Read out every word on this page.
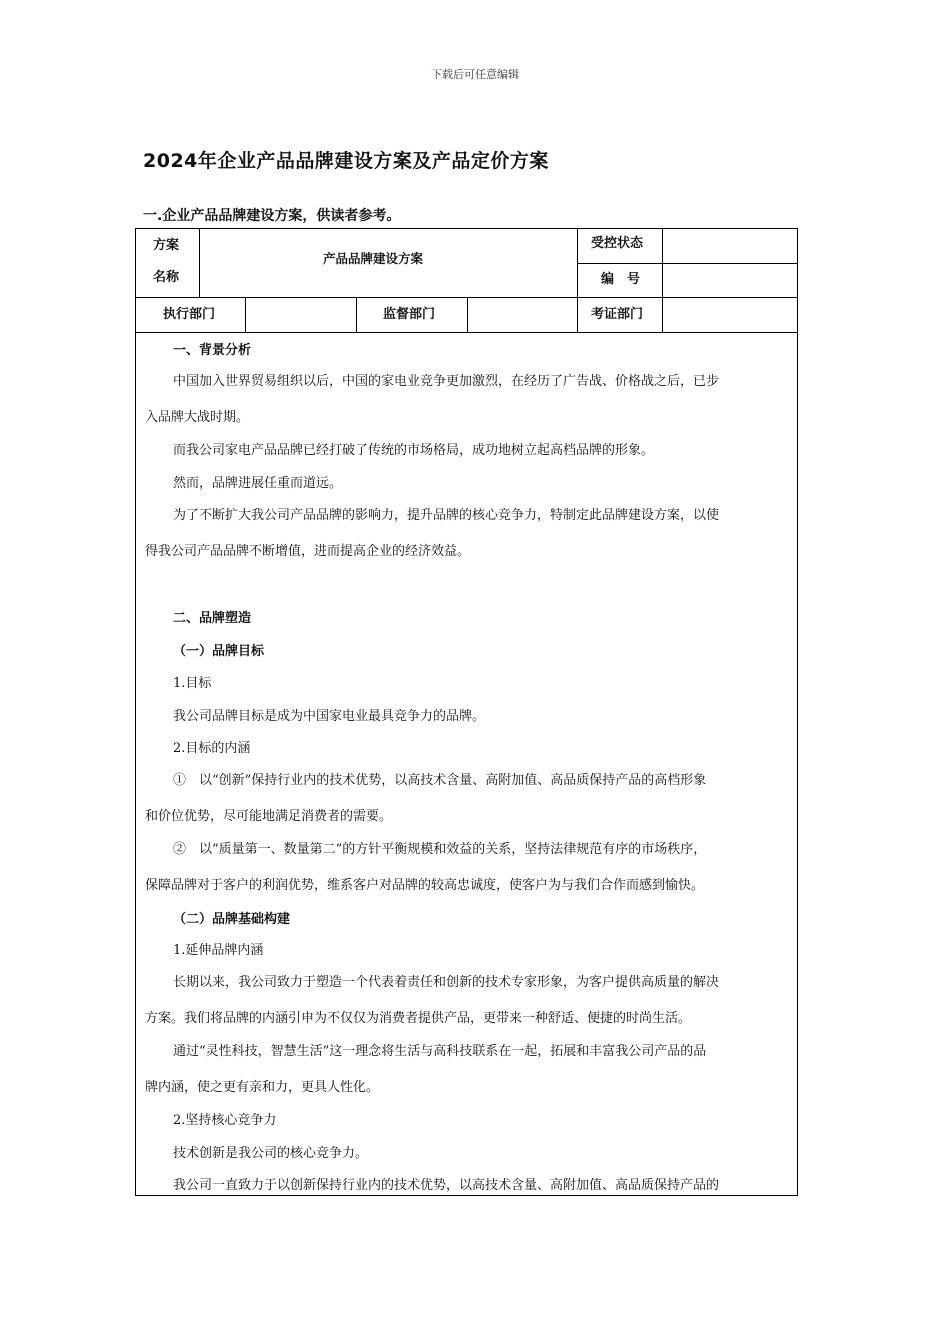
下载后可任意编辑
2024年​​企业产品品牌建设方案及产品定价方案
一.企业产品品牌建设方案，供读者参考。
方案
名称
​​产品品牌建设方案
受控状态
编　号
执行部门	监督部门	考证部门
一、背景分析
中国加入世界贸易组织以后，中国的家电业竞争更加激烈，在经历了广告战、价格战之后，已步
入品牌大战时期。
而我公司家电产品品牌已经打破了传统的市场格局，成功地树立起高档品牌的形象。
然而，品牌进展任重而道远。
为了不断扩大我公司产品品牌的影响力，提升品牌的核心竞争力，特制定此品牌建设方案，以使
得我公司产品品牌不断增值，进而提高企业的经济效益。
二、品牌塑造
（一）品牌目标
1.目标
我公司品牌目标是成为中国家电业最具竞争力的品牌。
2.目标的内涵
①　以“创新”保持行业内的技术优势，以高技术含量、高附加值、高品质保持产品的高档形象
和价位优势，尽可能地满足消费者的需要。
②　以“质量第一、数量第二”的方针平衡规模和效益的关系，坚持法律规范有序的市场秩序，
保障品牌对于客户的利润优势，维系客户对品牌的较高忠诚度，使客户为与我们合作而感到愉快。
（二）品牌基础构建
1.延伸品牌内涵
长期以来，我公司致力于塑造一个代表着责任和创新的技术专家形象，为客户提供高质量的解决
方案。我们将品牌的内涵引申为不仅仅为消费者提供产品，更带来一种舒适、便捷的时尚生活。
通过“灵性科技，智慧生活”这一理念将生活与高科技联系在一起，拓展和丰富我公司产品的品
牌内涵，使之更有亲和力，更具人性化。
2.坚持核心竞争力
技术创新是我公司的核心竞争力。
我公司一直致力于以创新保持行业内的技术优势，以高技术含量、高附加值、高品质保持产品的
